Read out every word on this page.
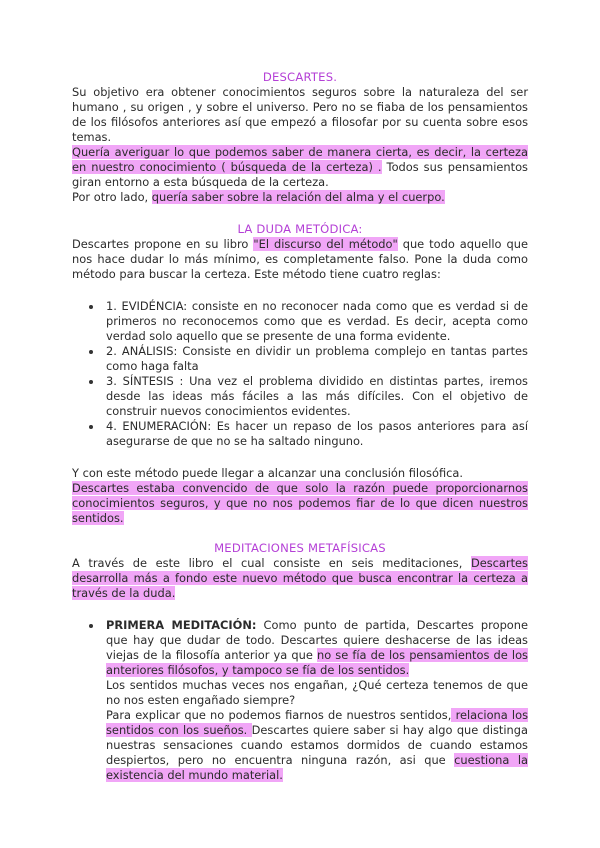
DESCARTES.

Su objetivo era obtener conocimientos seguros sobre la naturaleza del ser humano , su origen , y sobre el universo. Pero no se fiaba de los pensamientos de los filósofos anteriores así que empezó a filosofar por su cuenta sobre esos temas.

Quería averiguar lo que podemos saber de manera cierta, es decir, la certeza en nuestro conocimiento ( búsqueda de la certeza) . Todos sus pensamientos giran entorno a esta búsqueda de la certeza.

Por otro lado, quería saber sobre la relación del alma y el cuerpo.

LA DUDA METÓDICA:

Descartes propone en su libro "El discurso del método" que todo aquello que nos hace dudar lo más mínimo, es completamente falso. Pone la duda como método para buscar la certeza. Este método tiene cuatro reglas:

1. EVIDÉNCIA: consiste en no reconocer nada como que es verdad si de primeros no reconocemos como que es verdad. Es decir, acepta como verdad solo aquello que se presente de una forma evidente.
2. ANÁLISIS: Consiste en dividir un problema complejo en tantas partes como haga falta
3. SÍNTESIS : Una vez el problema dividido en distintas partes, iremos desde las ideas más fáciles a las más difíciles. Con el objetivo de construir nuevos conocimientos evidentes.
4. ENUMERACIÓN: Es hacer un repaso de los pasos anteriores para así asegurarse de que no se ha saltado ninguno.

Y con este método puede llegar a alcanzar una conclusión filosófica.

Descartes estaba convencido de que solo la razón puede proporcionarnos conocimientos seguros, y que no nos podemos fiar de lo que dicen nuestros sentidos.

MEDITACIONES METAFÍSICAS

A través de este libro el cual consiste en seis meditaciones, Descartes desarrolla más a fondo este nuevo método que busca encontrar la certeza a través de la duda.

PRIMERA MEDITACIÓN: Como punto de partida, Descartes propone que hay que dudar de todo. Descartes quiere deshacerse de las ideas viejas de la filosofía anterior ya que no se fía de los pensamientos de los anteriores filósofos, y tampoco se fía de los sentidos.

Los sentidos muchas veces nos engañan, ¿Qué certeza tenemos de que no nos esten engañado siempre?

Para explicar que no podemos fiarnos de nuestros sentidos, relaciona los sentidos con los sueños. Descartes quiere saber si hay algo que distinga nuestras sensaciones cuando estamos dormidos de cuando estamos despiertos, pero no encuentra ninguna razón, asi que cuestiona la existencia del mundo material.
